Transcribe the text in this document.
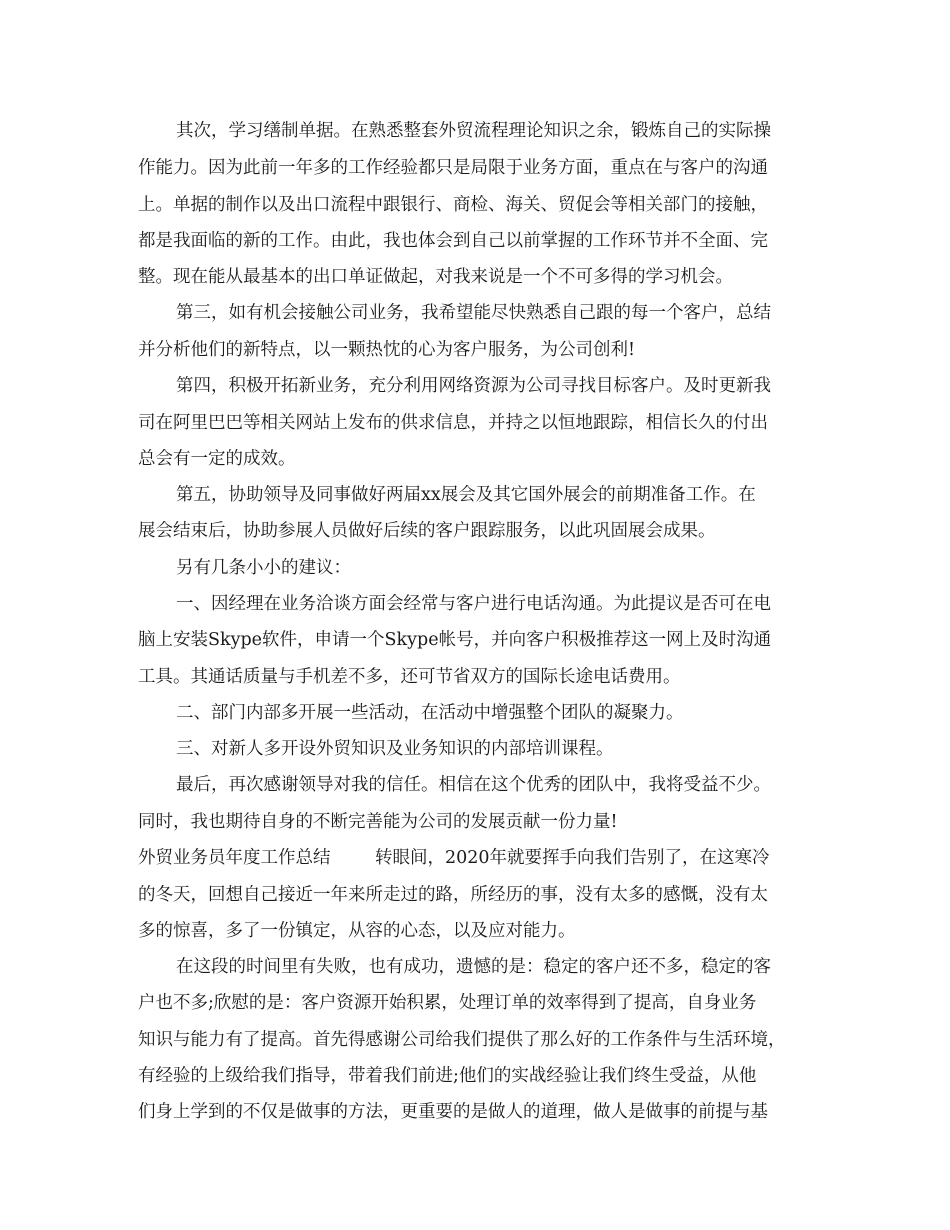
其次，学习缮制单据。在熟悉整套外贸流程理论知识之余，锻炼自己的实际操
作能力。因为此前一年多的工作经验都只是局限于业务方面，重点在与客户的沟通
上。单据的制作以及出口流程中跟银行、商检、海关、贸促会等相关部门的接触，
都是我面临的新的工作。由此，我也体会到自己以前掌握的工作环节并不全面、完
整。现在能从最基本的出口单证做起，对我来说是一个不可多得的学习机会。
第三，如有机会接触公司业务，我希望能尽快熟悉自己跟的每一个客户，总结
并分析他们的新特点，以一颗热忱的心为客户服务，为公司创利!
第四，积极开拓新业务，充分利用网络资源为公司寻找目标客户。及时更新我
司在阿里巴巴等相关网站上发布的供求信息，并持之以恒地跟踪，相信长久的付出
总会有一定的成效。
第五，协助领导及同事做好两届xx展会及其它国外展会的前期准备工作。在
展会结束后，协助参展人员做好后续的客户跟踪服务，以此巩固展会成果。
另有几条小小的建议：
一、因经理在业务洽谈方面会经常与客户进行电话沟通。为此提议是否可在电
脑上安装Skype软件，申请一个Skype帐号，并向客户积极推荐这一网上及时沟通
工具。其通话质量与手机差不多，还可节省双方的国际长途电话费用。
二、部门内部多开展一些活动，在活动中增强整个团队的凝聚力。
三、对新人多开设外贸知识及业务知识的内部培训课程。
最后，再次感谢领导对我的信任。相信在这个优秀的团队中，我将受益不少。
同时，我也期待自身的不断完善能为公司的发展贡献一份力量!
外贸业务员年度工作总结        转眼间，2020年就要挥手向我们告别了，在这寒冷
的冬天，回想自己接近一年来所走过的路，所经历的事，没有太多的感慨，没有太
多的惊喜，多了一份镇定，从容的心态，以及应对能力。
在这段的时间里有失败，也有成功，遗憾的是：稳定的客户还不多，稳定的客
户也不多;欣慰的是：客户资源开始积累，处理订单的效率得到了提高，自身业务
知识与能力有了提高。首先得感谢公司给我们提供了那么好的工作条件与生活环境，
有经验的上级给我们指导，带着我们前进;他们的实战经验让我们终生受益，从他
们身上学到的不仅是做事的方法，更重要的是做人的道理，做人是做事的前提与基
